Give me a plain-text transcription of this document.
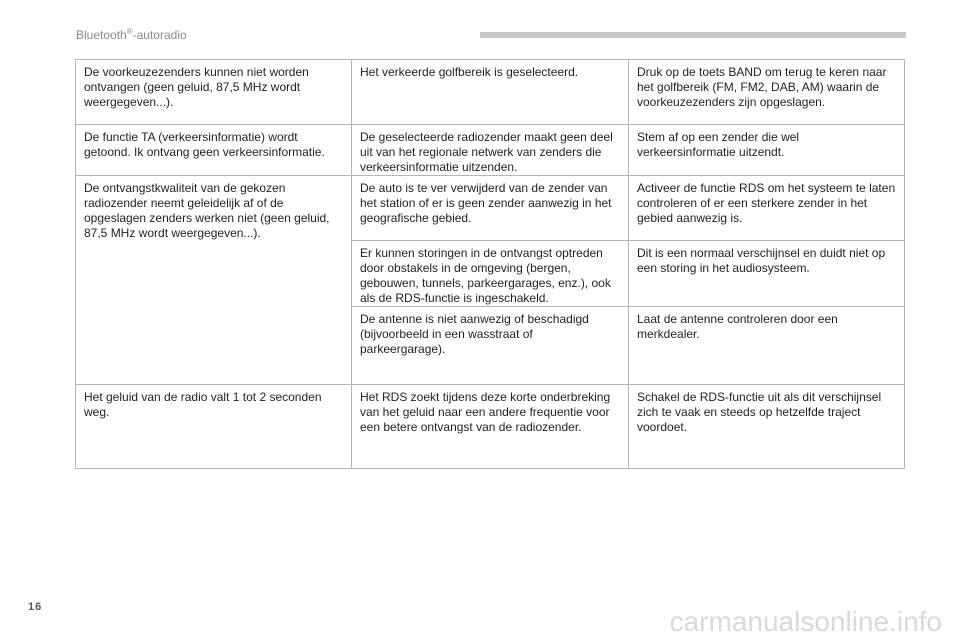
Bluetooth®-autoradio
De voorkeuzezenders kunnen niet worden ontvangen (geen geluid, 87,5 MHz wordt weergegeven...).	Het verkeerde golfbereik is geselecteerd.	Druk op de toets BAND om terug te keren naar het golfbereik (FM, FM2, DAB, AM) waarin de voorkeuzezenders zijn opgeslagen.
De functie TA (verkeersinformatie) wordt getoond. Ik ontvang geen verkeersinformatie.	De geselecteerde radiozender maakt geen deel uit van het regionale netwerk van zenders die verkeersinformatie uitzenden.	Stem af op een zender die wel verkeersinformatie uitzendt.
De ontvangstkwaliteit van de gekozen radiozender neemt geleidelijk af of de opgeslagen zenders werken niet (geen geluid, 87,5 MHz wordt weergegeven...).	De auto is te ver verwijderd van de zender van het station of er is geen zender aanwezig in het geografische gebied.	Activeer de functie RDS om het systeem te laten controleren of er een sterkere zender in het gebied aanwezig is.
	Er kunnen storingen in de ontvangst optreden door obstakels in de omgeving (bergen, gebouwen, tunnels, parkeergarages, enz.), ook als de RDS-functie is ingeschakeld.	Dit is een normaal verschijnsel en duidt niet op een storing in het audiosysteem.
	De antenne is niet aanwezig of beschadigd (bijvoorbeeld in een wasstraat of parkeergarage).	Laat de antenne controleren door een merkdealer.
Het geluid van de radio valt 1 tot 2 seconden weg.	Het RDS zoekt tijdens deze korte onderbreking van het geluid naar een andere frequentie voor een betere ontvangst van de radiozender.	Schakel de RDS-functie uit als dit verschijnsel zich te vaak en steeds op hetzelfde traject voordoet.
16	carmanualsonline.info
